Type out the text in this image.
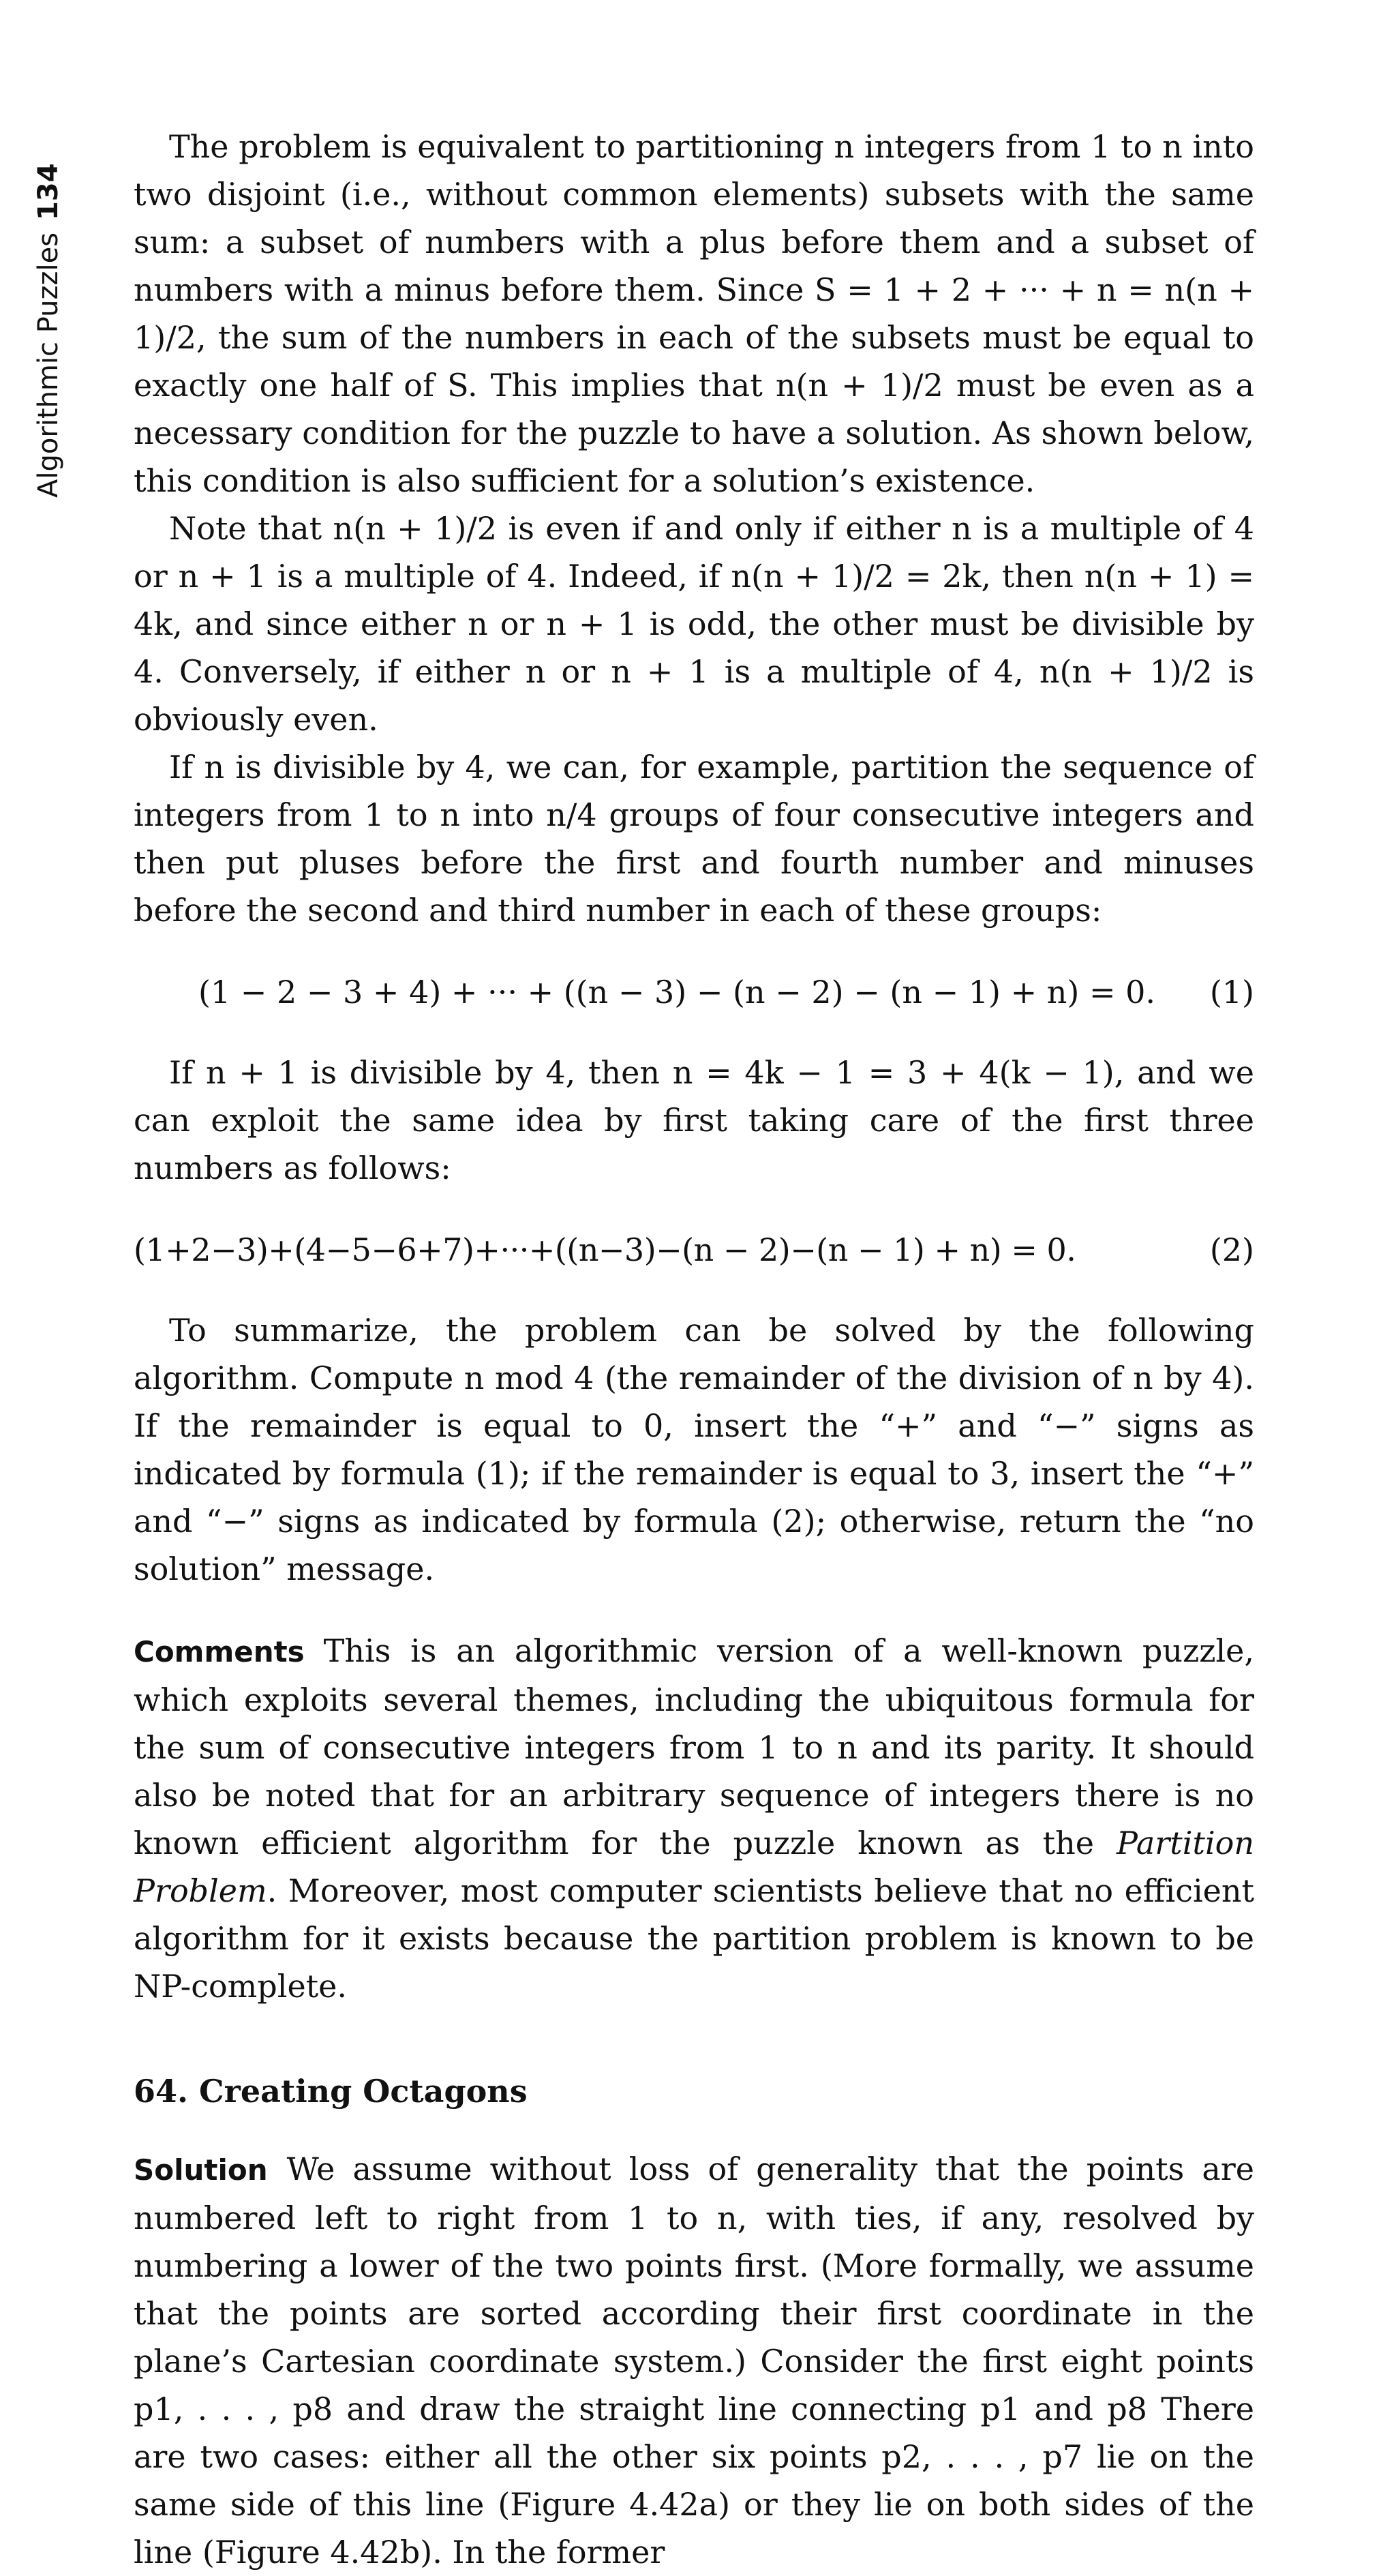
Algorithmic Puzzles134

The problem is equivalent to partitioning n integers from 1 to n into two disjoint (i.e., without common elements) subsets with the same sum: a subset of numbers with a plus before them and a subset of numbers with a minus before them. Since S = 1 + 2 + ··· + n = n(n + 1)/2, the sum of the numbers in each of the subsets must be equal to exactly one half of S. This implies that n(n + 1)/2 must be even as a necessary condition for the puzzle to have a solution. As shown below, this condition is also sufficient for a solution’s existence.

Note that n(n + 1)/2 is even if and only if either n is a multiple of 4 or n + 1 is a multiple of 4. Indeed, if n(n + 1)/2 = 2k, then n(n + 1) = 4k, and since either n or n + 1 is odd, the other must be divisible by 4. Conversely, if either n or n + 1 is a multiple of 4, n(n + 1)/2 is obviously even.

If n is divisible by 4, we can, for example, partition the sequence of integers from 1 to n into n/4 groups of four consecutive integers and then put pluses before the first and fourth number and minuses before the second and third number in each of these groups:

(1 − 2 − 3 + 4) + ··· + ((n − 3) − (n − 2) − (n − 1) + n) = 0.	(1)

If n + 1 is divisible by 4, then n = 4k − 1 = 3 + 4(k − 1), and we can exploit the same idea by first taking care of the first three numbers as follows:

(1+2−3)+(4−5−6+7)+···+((n−3)−(n − 2)−(n − 1) + n) = 0.	(2)

To summarize, the problem can be solved by the following algorithm. Compute n mod 4 (the remainder of the division of n by 4). If the remainder is equal to 0, insert the “+” and “−” signs as indicated by formula (1); if the remainder is equal to 3, insert the “+” and “−” signs as indicated by formula (2); otherwise, return the “no solution” message.

Comments This is an algorithmic version of a well-known puzzle, which exploits several themes, including the ubiquitous formula for the sum of consecutive integers from 1 to n and its parity. It should also be noted that for an arbitrary sequence of integers there is no known efficient algorithm for the puzzle known as the Partition Problem. Moreover, most computer scientists believe that no efficient algorithm for it exists because the partition problem is known to be NP-complete.

64. Creating Octagons

Solution We assume without loss of generality that the points are numbered left to right from 1 to n, with ties, if any, resolved by numbering a lower of the two points first. (More formally, we assume that the points are sorted according their first coordinate in the plane’s Cartesian coordinate system.) Consider the first eight points p1, . . . , p8 and draw the straight line connecting p1 and p8 There are two cases: either all the other six points p2, . . . , p7 lie on the same side of this line (Figure 4.42a) or they lie on both sides of the line (Figure 4.42b). In the former
